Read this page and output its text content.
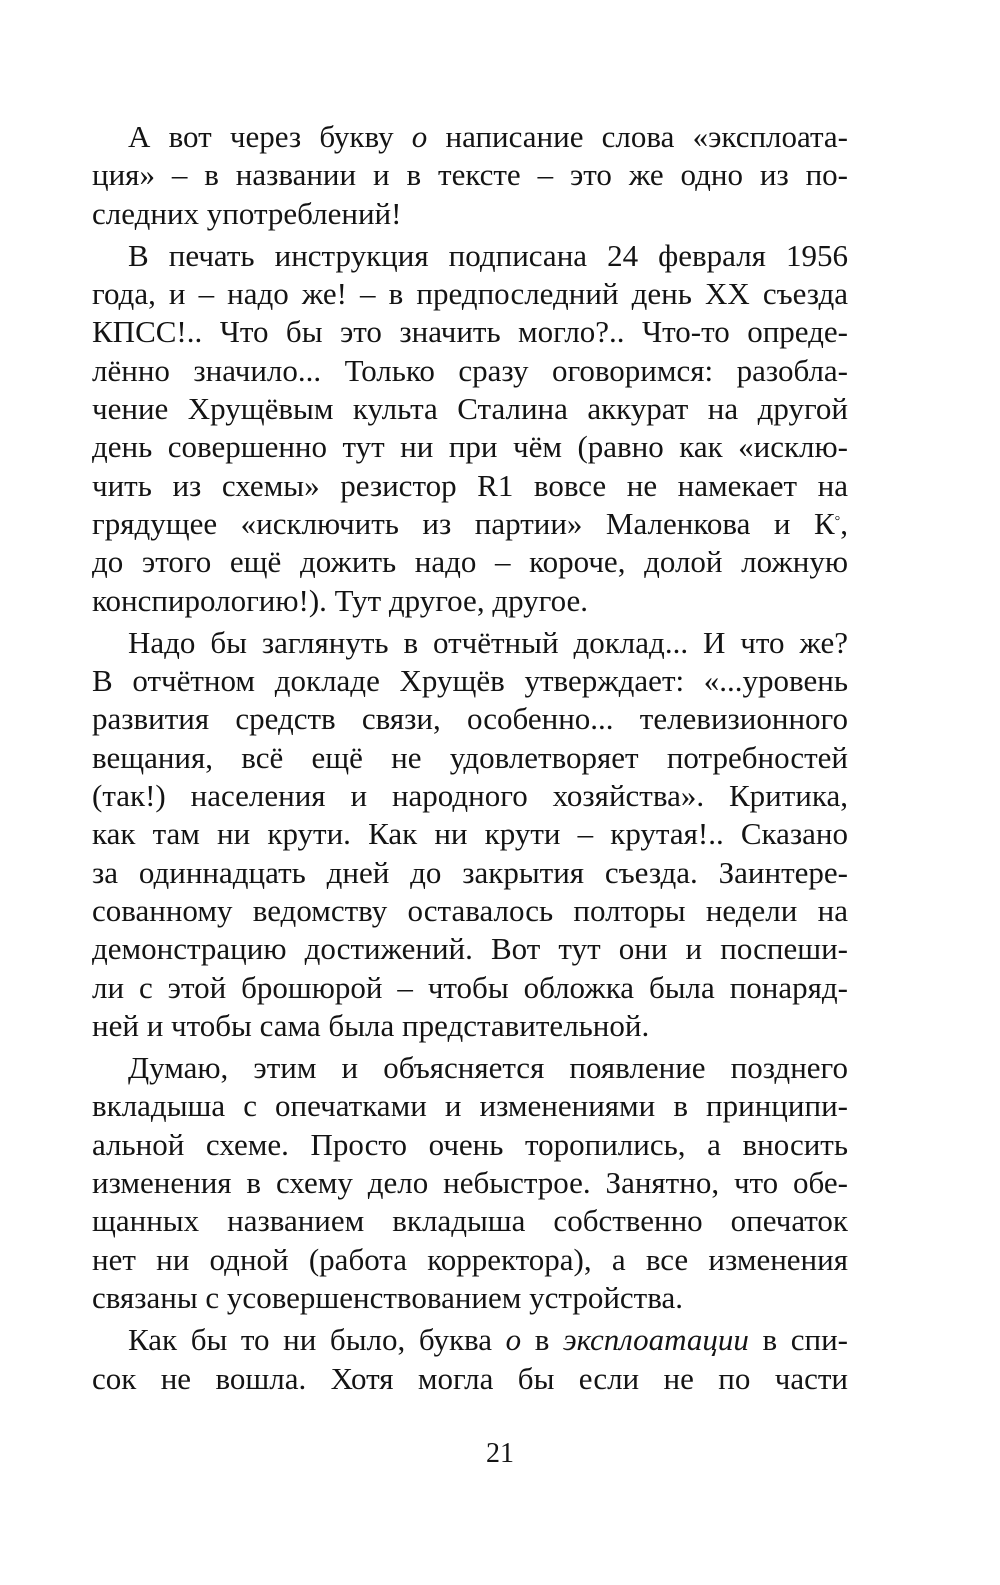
А вот через букву о написание слова «эксплоата-
ция» – в названии и в тексте – это же одно из по-
следних употреблений!
В печать инструкция подписана 24 февраля 1956
года, и – надо же! – в предпоследний день XX съезда
КПСС!.. Что бы это значить могло?.. Что-то опреде-
лённо значило... Только сразу оговоримся: разобла-
чение Хрущёвым культа Сталина аккурат на другой
день совершенно тут ни при чём (равно как «исклю-
чить из схемы» резистор R1 вовсе не намекает на
грядущее «исключить из партии» Маленкова и К°,
до этого ещё дожить надо – короче, долой ложную
конспирологию!). Тут другое, другое.
Надо бы заглянуть в отчётный доклад... И что же?
В отчётном докладе Хрущёв утверждает: «...уровень
развития средств связи, особенно... телевизионного
вещания, всё ещё не удовлетворяет потребностей
(так!) населения и народного хозяйства». Критика,
как там ни крути. Как ни крути – крутая!.. Сказано
за одиннадцать дней до закрытия съезда. Заинтере-
сованному ведомству оставалось полторы недели на
демонстрацию достижений. Вот тут они и поспеши-
ли с этой брошюрой – чтобы обложка была понаряд-
ней и чтобы сама была представительной.
Думаю, этим и объясняется появление позднего
вкладыша с опечатками и изменениями в принципи-
альной схеме. Просто очень торопились, а вносить
изменения в схему дело небыстрое. Занятно, что обе-
щанных названием вкладыша собственно опечаток
нет ни одной (работа корректора), а все изменения
связаны с усовершенствованием устройства.
Как бы то ни было, буква о в эксплоатации в спи-
сок не вошла. Хотя могла бы если не по части
21
